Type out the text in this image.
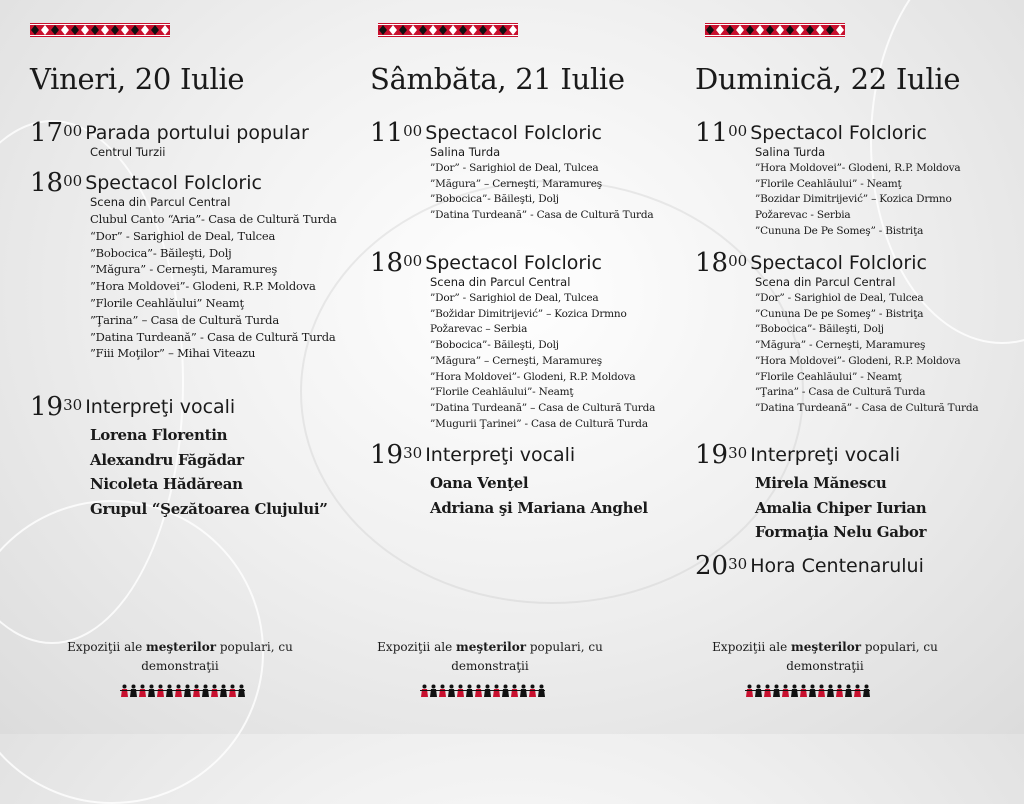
Vineri, 20 Iulie
$17^{00}$ Parada portului popular
Centrul Turzii
$18^{00}$ Spectacol Folcloric
Scena din Parcul Central
Clubul Canto “Aria”- Casa de Cultură Turda
“Dor” - Sarighiol de Deal, Tulcea
”Bobocica”- Băileşti, Dolj
”Măgura” - Cerneşti, Maramureş
”Hora Moldovei”- Glodeni, R.P. Moldova
”Florile Ceahlăului” Neamţ
”Ţarina” – Casa de Cultură Turda
”Datina Turdeană” - Casa de Cultură Turda
”Fiii Moţilor” – Mihai Viteazu
$19^{30}$ Interpreţi vocali
Lorena Florentin
Alexandru Făgădar
Nicoleta Hădărean
Grupul “Şezătoarea Clujului”
Expoziţii ale meşterilor populari, cu
demonstraţii
Sâmbăta, 21 Iulie
$11^{00}$ Spectacol Folcloric
Salina Turda
”Dor” - Sarighiol de Deal, Tulcea
”Măgura” – Cerneşti, Maramureş
”Bobocica”- Băileşti, Dolj
”Datina Turdeană” - Casa de Cultură Turda
$18^{00}$ Spectacol Folcloric
Scena din Parcul Central
”Dor” - Sarighiol de Deal, Tulcea
”Božidar Dimitrijević” – Kozica Drmno
Požarevac – Serbia
”Bobocica”- Băileşti, Dolj
”Măgura” – Cerneşti, Maramureş
”Hora Moldovei”- Glodeni, R.P. Moldova
”Florile Ceahlăului”- Neamţ
”Datina Turdeană” – Casa de Cultură Turda
”Mugurii Ţarinei” - Casa de Cultură Turda
$19^{30}$ Interpreţi vocali
Oana Venţel
Adriana şi Mariana Anghel
Expoziţii ale meşterilor populari, cu
demonstraţii
Duminică, 22 Iulie
$11^{00}$ Spectacol Folcloric
Salina Turda
”Hora Moldovei”- Glodeni, R.P. Moldova
”Florile Ceahlăului” - Neamţ
”Bozidar Dimitrijević” – Kozica Drmno
Požarevac - Serbia
”Cununa De Pe Someş” - Bistriţa
$18^{00}$ Spectacol Folcloric
Scena din Parcul Central
”Dor” - Sarighiol de Deal, Tulcea
”Cununa De pe Someş” - Bistriţa
”Bobocica”- Băileşti, Dolj
”Măgura” - Cerneşti, Maramureş
”Hora Moldovei”- Glodeni, R.P. Moldova
”Florile Ceahlăului” - Neamţ
”Ţarina” - Casa de Cultură Turda
”Datina Turdeană” - Casa de Cultură Turda
$19^{30}$ Interpreţi vocali
Mirela Mănescu
Amalia Chiper Iurian
Formaţia Nelu Gabor
$20^{30}$ Hora Centenarului
Expoziţii ale meşterilor populari, cu
demonstraţii
